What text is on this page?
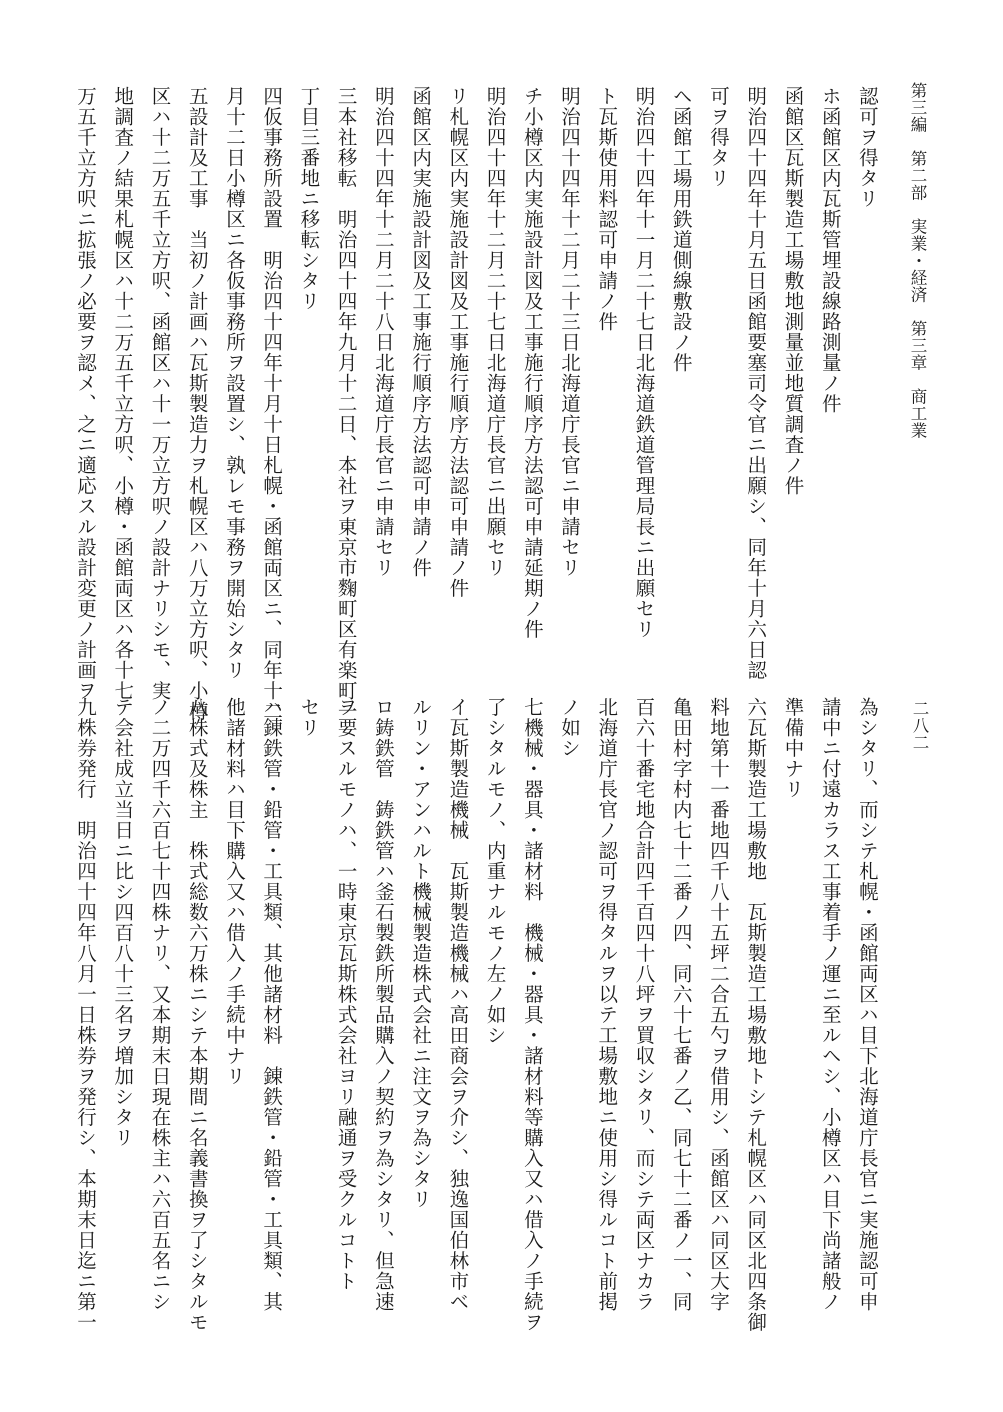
第三編　第二部　実業・経済　第三章　商工業
二八二
認可ヲ得タリ
ホ函館区内瓦斯管埋設線路測量ノ件
函館区瓦斯製造工場敷地測量並地質調査ノ件
明治四十四年十月五日函館要塞司令官ニ出願シ、同年十月六日認
可ヲ得タリ
ヘ函館工場用鉄道側線敷設ノ件
明治四十四年十一月二十七日北海道鉄道管理局長ニ出願セリ
ト瓦斯使用料認可申請ノ件
明治四十四年十二月二十三日北海道庁長官ニ申請セリ
チ小樽区内実施設計図及工事施行順序方法認可申請延期ノ件
明治四十四年十二月二十七日北海道庁長官ニ出願セリ
リ札幌区内実施設計図及工事施行順序方法認可申請ノ件
函館区内実施設計図及工事施行順序方法認可申請ノ件
明治四十四年十二月二十八日北海道庁長官ニ申請セリ
三本社移転　明治四十四年九月十二日、本社ヲ東京市麴町区有楽町一
丁目三番地ニ移転シタリ
四仮事務所設置　明治四十四年十月十日札幌・函館両区ニ、同年十二
月十二日小樽区ニ各仮事務所ヲ設置シ、孰レモ事務ヲ開始シタリ
五設計及工事　当初ノ計画ハ瓦斯製造力ヲ札幌区ハ八万立方呎、小樽
区ハ十二万五千立方呎、函館区ハ十一万立方呎ノ設計ナリシモ、実
地調査ノ結果札幌区ハ十二万五千立方呎、小樽・函館両区ハ各十七
万五千立方呎ニ拡張ノ必要ヲ認メ、之ニ適応スル設計変更ノ計画ヲ
為シタリ、而シテ札幌・函館両区ハ目下北海道庁長官ニ実施認可申
請中ニ付遠カラス工事着手ノ運ニ至ルヘシ、小樽区ハ目下尚諸般ノ
準備中ナリ
六瓦斯製造工場敷地　瓦斯製造工場敷地トシテ札幌区ハ同区北四条御
料地第十一番地四千八十五坪二合五勺ヲ借用シ、函館区ハ同区大字
亀田村字村内七十二番ノ四、同六十七番ノ乙、同七十二番ノ一、同
百六十番宅地合計四千百四十八坪ヲ買収シタリ、而シテ両区ナカラ
北海道庁長官ノ認可ヲ得タルヲ以テ工場敷地ニ使用シ得ルコト前掲
ノ如シ
七機械・器具・諸材料　機械・器具・諸材料等購入又ハ借入ノ手続ヲ
了シタルモノ、内重ナルモノ左ノ如シ
イ瓦斯製造機械　瓦斯製造機械ハ高田商会ヲ介シ、独逸国伯林市ベ
ルリン・アンハルト機械製造株式会社ニ注文ヲ為シタリ
ロ鋳鉄管　鋳鉄管ハ釜石製鉄所製品購入ノ契約ヲ為シタリ、但急速
ヲ要スルモノハ、一時東京瓦斯株式会社ヨリ融通ヲ受クルコトト
セリ
ハ錬鉄管・鉛管・工具類、其他諸材料　錬鉄管・鉛管・工具類、其
他諸材料ハ目下購入又ハ借入ノ手続中ナリ
八株式及株主　株式総数六万株ニシテ本期間ニ名義書換ヲ了シタルモ
ノ二万四千六百七十四株ナリ、又本期末日現在株主ハ六百五名ニシ
テ会社成立当日ニ比シ四百八十三名ヲ増加シタリ
九株券発行　明治四十四年八月一日株券ヲ発行シ、本期末日迄ニ第一
